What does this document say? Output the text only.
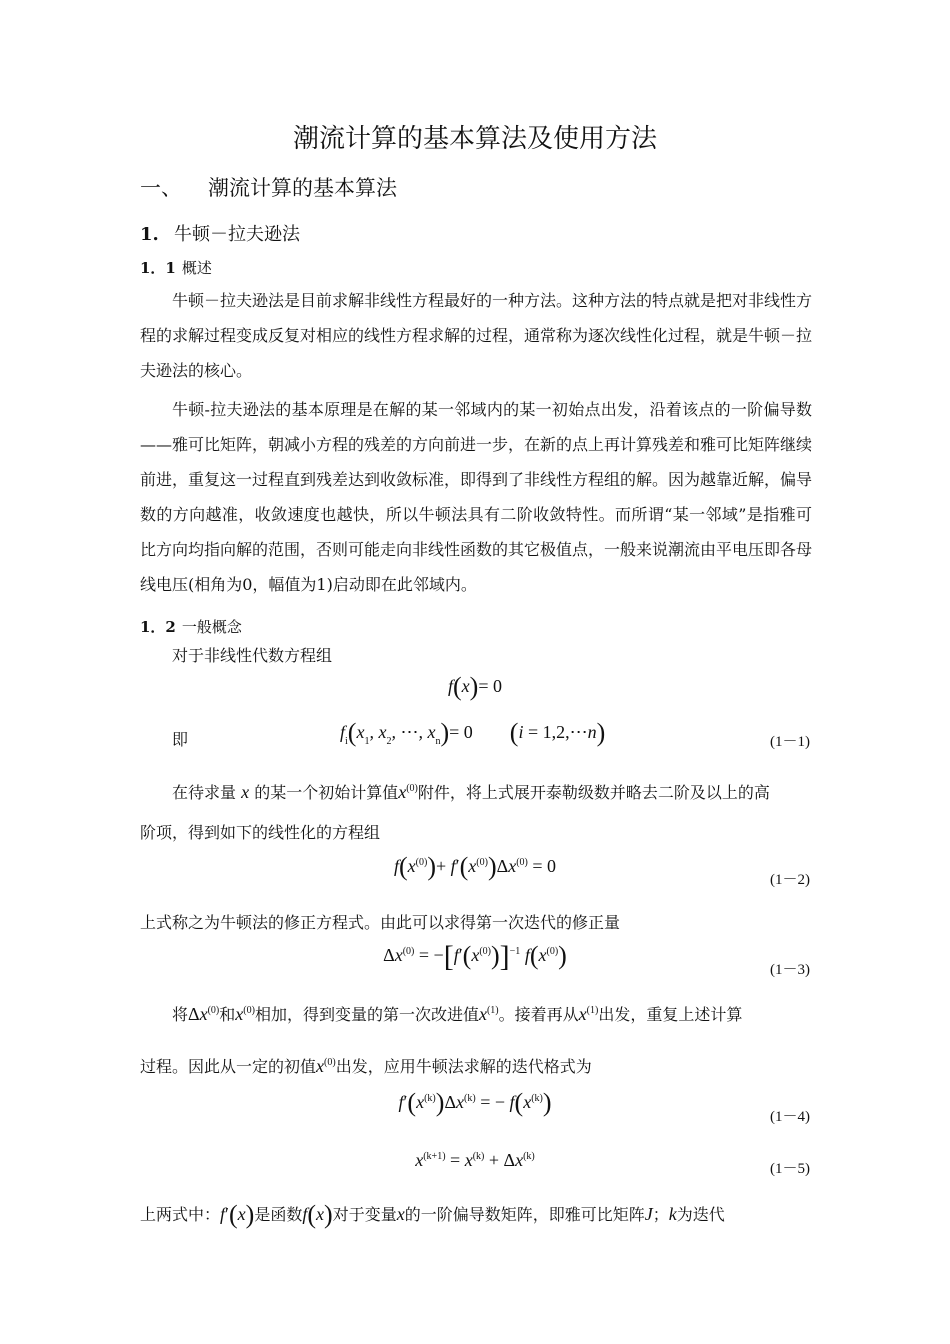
潮流计算的基本算法及使用方法
一、 潮流计算的基本算法
1. 牛顿－拉夫逊法
1．1 概述

牛顿－拉夫逊法是目前求解非线性方程最好的一种方法。这种方法的特点就是把对非线性方程的求解过程变成反复对相应的线性方程求解的过程，通常称为逐次线性化过程，就是牛顿－拉夫逊法的核心。

牛顿-拉夫逊法的基本原理是在解的某一邻域内的某一初始点出发，沿着该点的一阶偏导数——雅可比矩阵，朝减小方程的残差的方向前进一步，在新的点上再计算残差和雅可比矩阵继续前进，重复这一过程直到残差达到收敛标准，即得到了非线性方程组的解。因为越靠近解，偏导数的方向越准，收敛速度也越快，所以牛顿法具有二阶收敛特性。而所谓“某一邻域”是指雅可比方向均指向解的范围，否则可能走向非线性函数的其它极值点，一般来说潮流由平电压即各母线电压(相角为0，幅值为1)启动即在此邻域内。

1．2 一般概念
对于非线性代数方程组
f(x)= 0
即	$f_i(x_1$, $x_2$, ⋯, $x_n)= 0$ (i = 1,2,⋯n)	(1－1)
在待求量 x 的某一个初始计算值$x^{(0)}$附件，将上式展开泰勒级数并略去二阶及以上的高
阶项，得到如下的线性化的方程组
$f(x^{(0)})+ f'(x^{(0)})\Delta x^{(0)} = 0$
(1－2)
上式称之为牛顿法的修正方程式。由此可以求得第一次迭代的修正量
$\Delta x^{(0)} = -[f'(x^{(0)})]^{-1}$ $f(x^{(0)})$	(1－3)
将$\Delta x^{(0)}$和$x^{(0)}$相加，得到变量的第一次改进值$x^{(1)}$。接着再从$x^{(1)}$出发，重复上述计算
过程。因此从一定的初值$x^{(0)}$出发，应用牛顿法求解的迭代格式为
$f'(x^{(k)})\Delta x^{(k)}$ = − $f(x^{(k)})$	(1－4)
$x^{(k+1)} = x^{(k)} + \Delta x^{(k)}$
(1－5)
上两式中：f′(x)是函数f(x)对于变量x的一阶偏导数矩阵，即雅可比矩阵J；k为迭代
